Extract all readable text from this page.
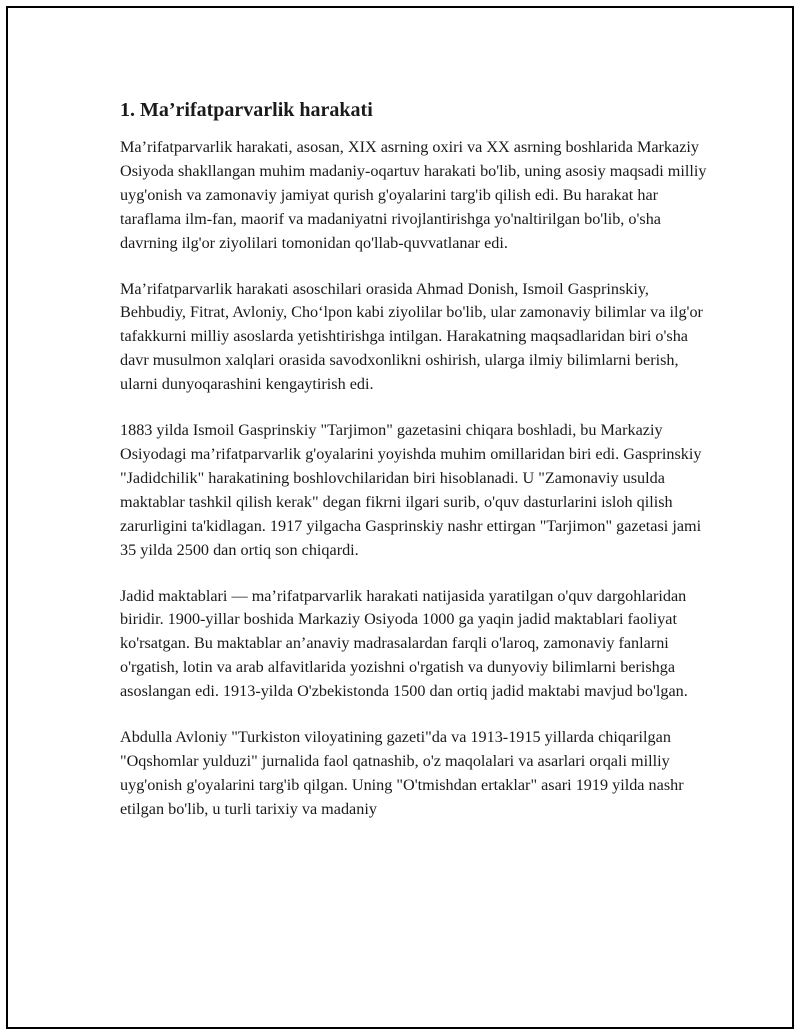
1. Ma’rifatparvarlik harakati

Ma’rifatparvarlik harakati, asosan, XIX asrning oxiri va XX asrning boshlarida Markaziy Osiyoda shakllangan muhim madaniy-oqartuv harakati bo'lib, uning asosiy maqsadi milliy uyg'onish va zamonaviy jamiyat qurish g'oyalarini targ'ib qilish edi. Bu harakat har taraflama ilm-fan, maorif va madaniyatni rivojlantirishga yo'naltirilgan bo'lib, o'sha davrning ilg'or ziyolilari tomonidan qo'llab-quvvatlanar edi.

Ma’rifatparvarlik harakati asoschilari orasida Ahmad Donish, Ismoil Gasprinskiy, Behbudiy, Fitrat, Avloniy, Cho‘lpon kabi ziyolilar bo'lib, ular zamonaviy bilimlar va ilg'or tafakkurni milliy asoslarda yetishtirishga intilgan. Harakatning maqsadlaridan biri o'sha davr musulmon xalqlari orasida savodxonlikni oshirish, ularga ilmiy bilimlarni berish, ularni dunyoqarashini kengaytirish edi.

1883 yilda Ismoil Gasprinskiy "Tarjimon" gazetasini chiqara boshladi, bu Markaziy Osiyodagi ma’rifatparvarlik g'oyalarini yoyishda muhim omillaridan biri edi. Gasprinskiy "Jadidchilik" harakatining boshlovchilaridan biri hisoblanadi. U "Zamonaviy usulda maktablar tashkil qilish kerak" degan fikrni ilgari surib, o'quv dasturlarini isloh qilish zarurligini ta'kidlagan. 1917 yilgacha Gasprinskiy nashr ettirgan "Tarjimon" gazetasi jami 35 yilda 2500 dan ortiq son chiqardi.

Jadid maktablari — ma’rifatparvarlik harakati natijasida yaratilgan o'quv dargohlaridan biridir. 1900-yillar boshida Markaziy Osiyoda 1000 ga yaqin jadid maktablari faoliyat ko'rsatgan. Bu maktablar an’anaviy madrasalardan farqli o'laroq, zamonaviy fanlarni o'rgatish, lotin va arab alfavitlarida yozishni o'rgatish va dunyoviy bilimlarni berishga asoslangan edi. 1913-yilda O'zbekistonda 1500 dan ortiq jadid maktabi mavjud bo'lgan.

Abdulla Avloniy "Turkiston viloyatining gazeti"da va 1913-1915 yillarda chiqarilgan "Oqshomlar yulduzi" jurnalida faol qatnashib, o'z maqolalari va asarlari orqali milliy uyg'onish g'oyalarini targ'ib qilgan. Uning "O'tmishdan ertaklar" asari 1919 yilda nashr etilgan bo'lib, u turli tarixiy va madaniy
